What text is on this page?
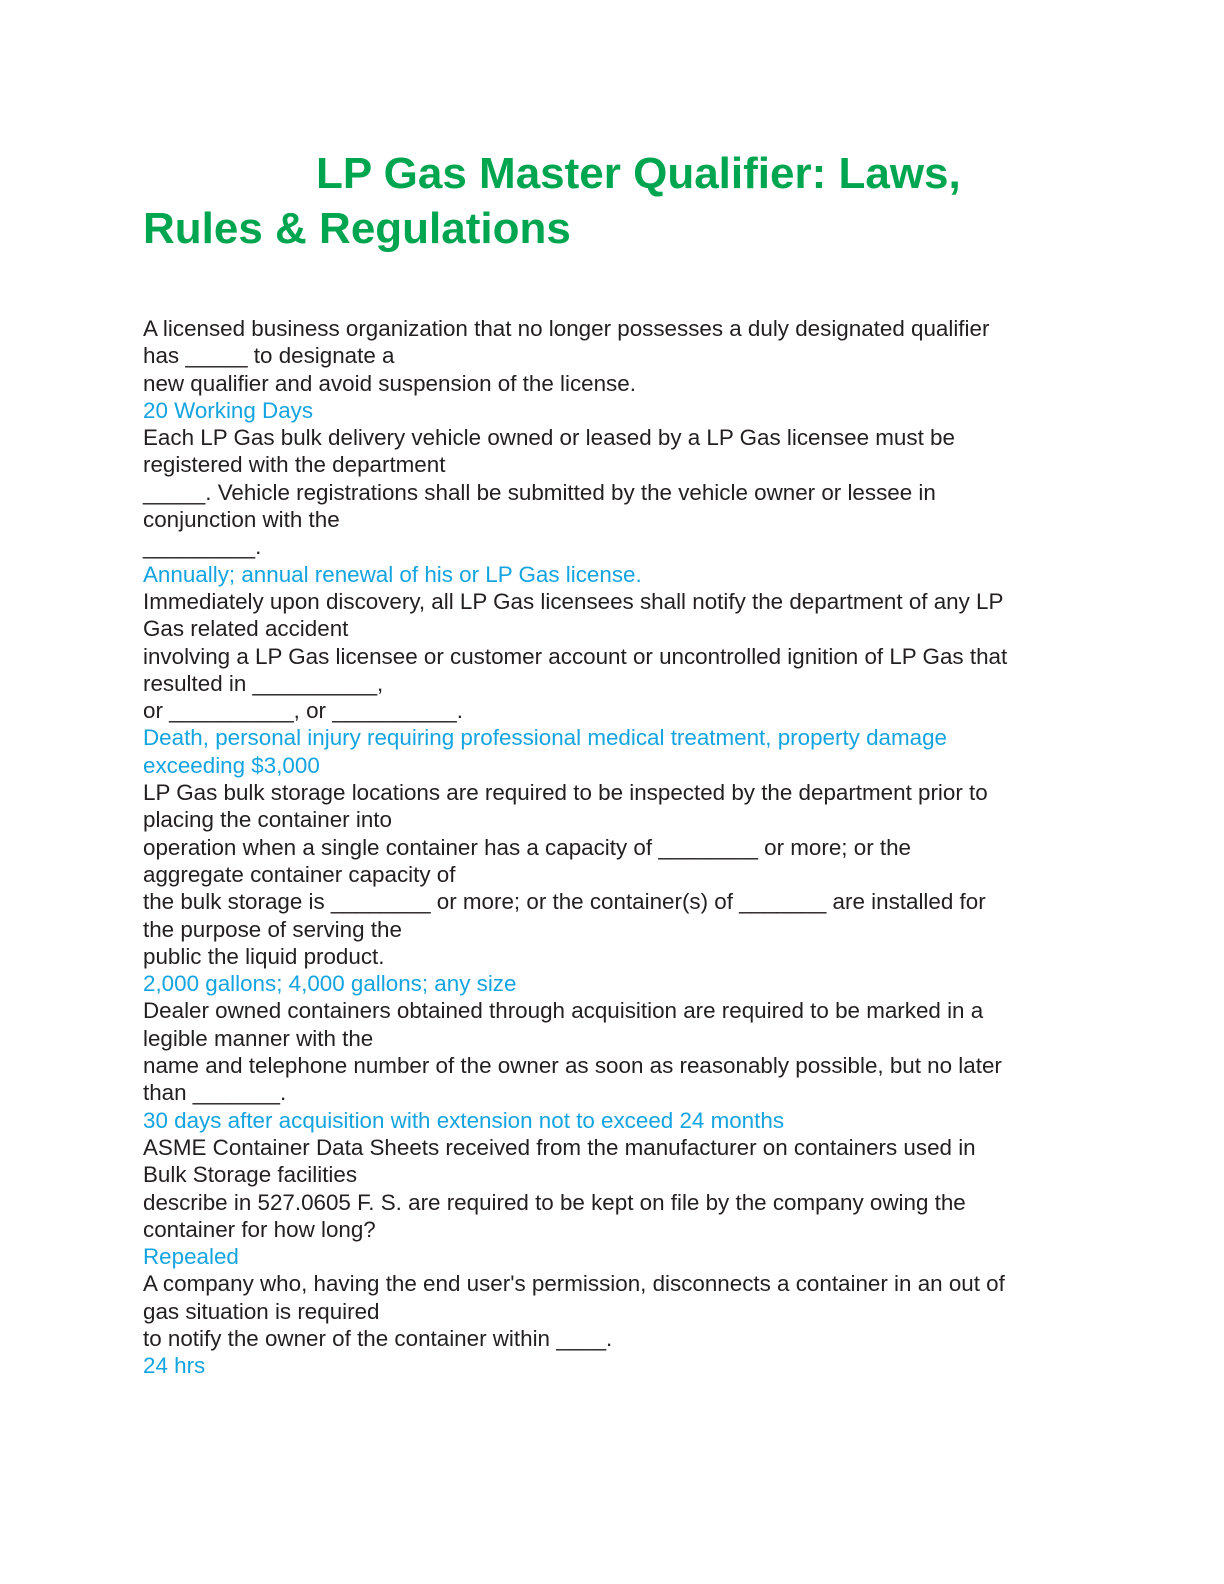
LP Gas Master Qualifier: Laws,
Rules & Regulations
A licensed business organization that no longer possesses a duly designated qualifier
has _____ to designate a
new qualifier and avoid suspension of the license.
20 Working Days
Each LP Gas bulk delivery vehicle owned or leased by a LP Gas licensee must be
registered with the department
_____. Vehicle registrations shall be submitted by the vehicle owner or lessee in
conjunction with the
_________.
Annually; annual renewal of his or LP Gas license.
Immediately upon discovery, all LP Gas licensees shall notify the department of any LP
Gas related accident
involving a LP Gas licensee or customer account or uncontrolled ignition of LP Gas that
resulted in __________,
or __________, or __________.
Death, personal injury requiring professional medical treatment, property damage
exceeding $3,000
LP Gas bulk storage locations are required to be inspected by the department prior to
placing the container into
operation when a single container has a capacity of ________ or more; or the
aggregate container capacity of
the bulk storage is ________ or more; or the container(s) of _______ are installed for
the purpose of serving the
public the liquid product.
2,000 gallons; 4,000 gallons; any size
Dealer owned containers obtained through acquisition are required to be marked in a
legible manner with the
name and telephone number of the owner as soon as reasonably possible, but no later
than _______.
30 days after acquisition with extension not to exceed 24 months
ASME Container Data Sheets received from the manufacturer on containers used in
Bulk Storage facilities
describe in 527.0605 F. S. are required to be kept on file by the company owing the
container for how long?
Repealed
A company who, having the end user's permission, disconnects a container in an out of
gas situation is required
to notify the owner of the container within ____.
24 hrs
